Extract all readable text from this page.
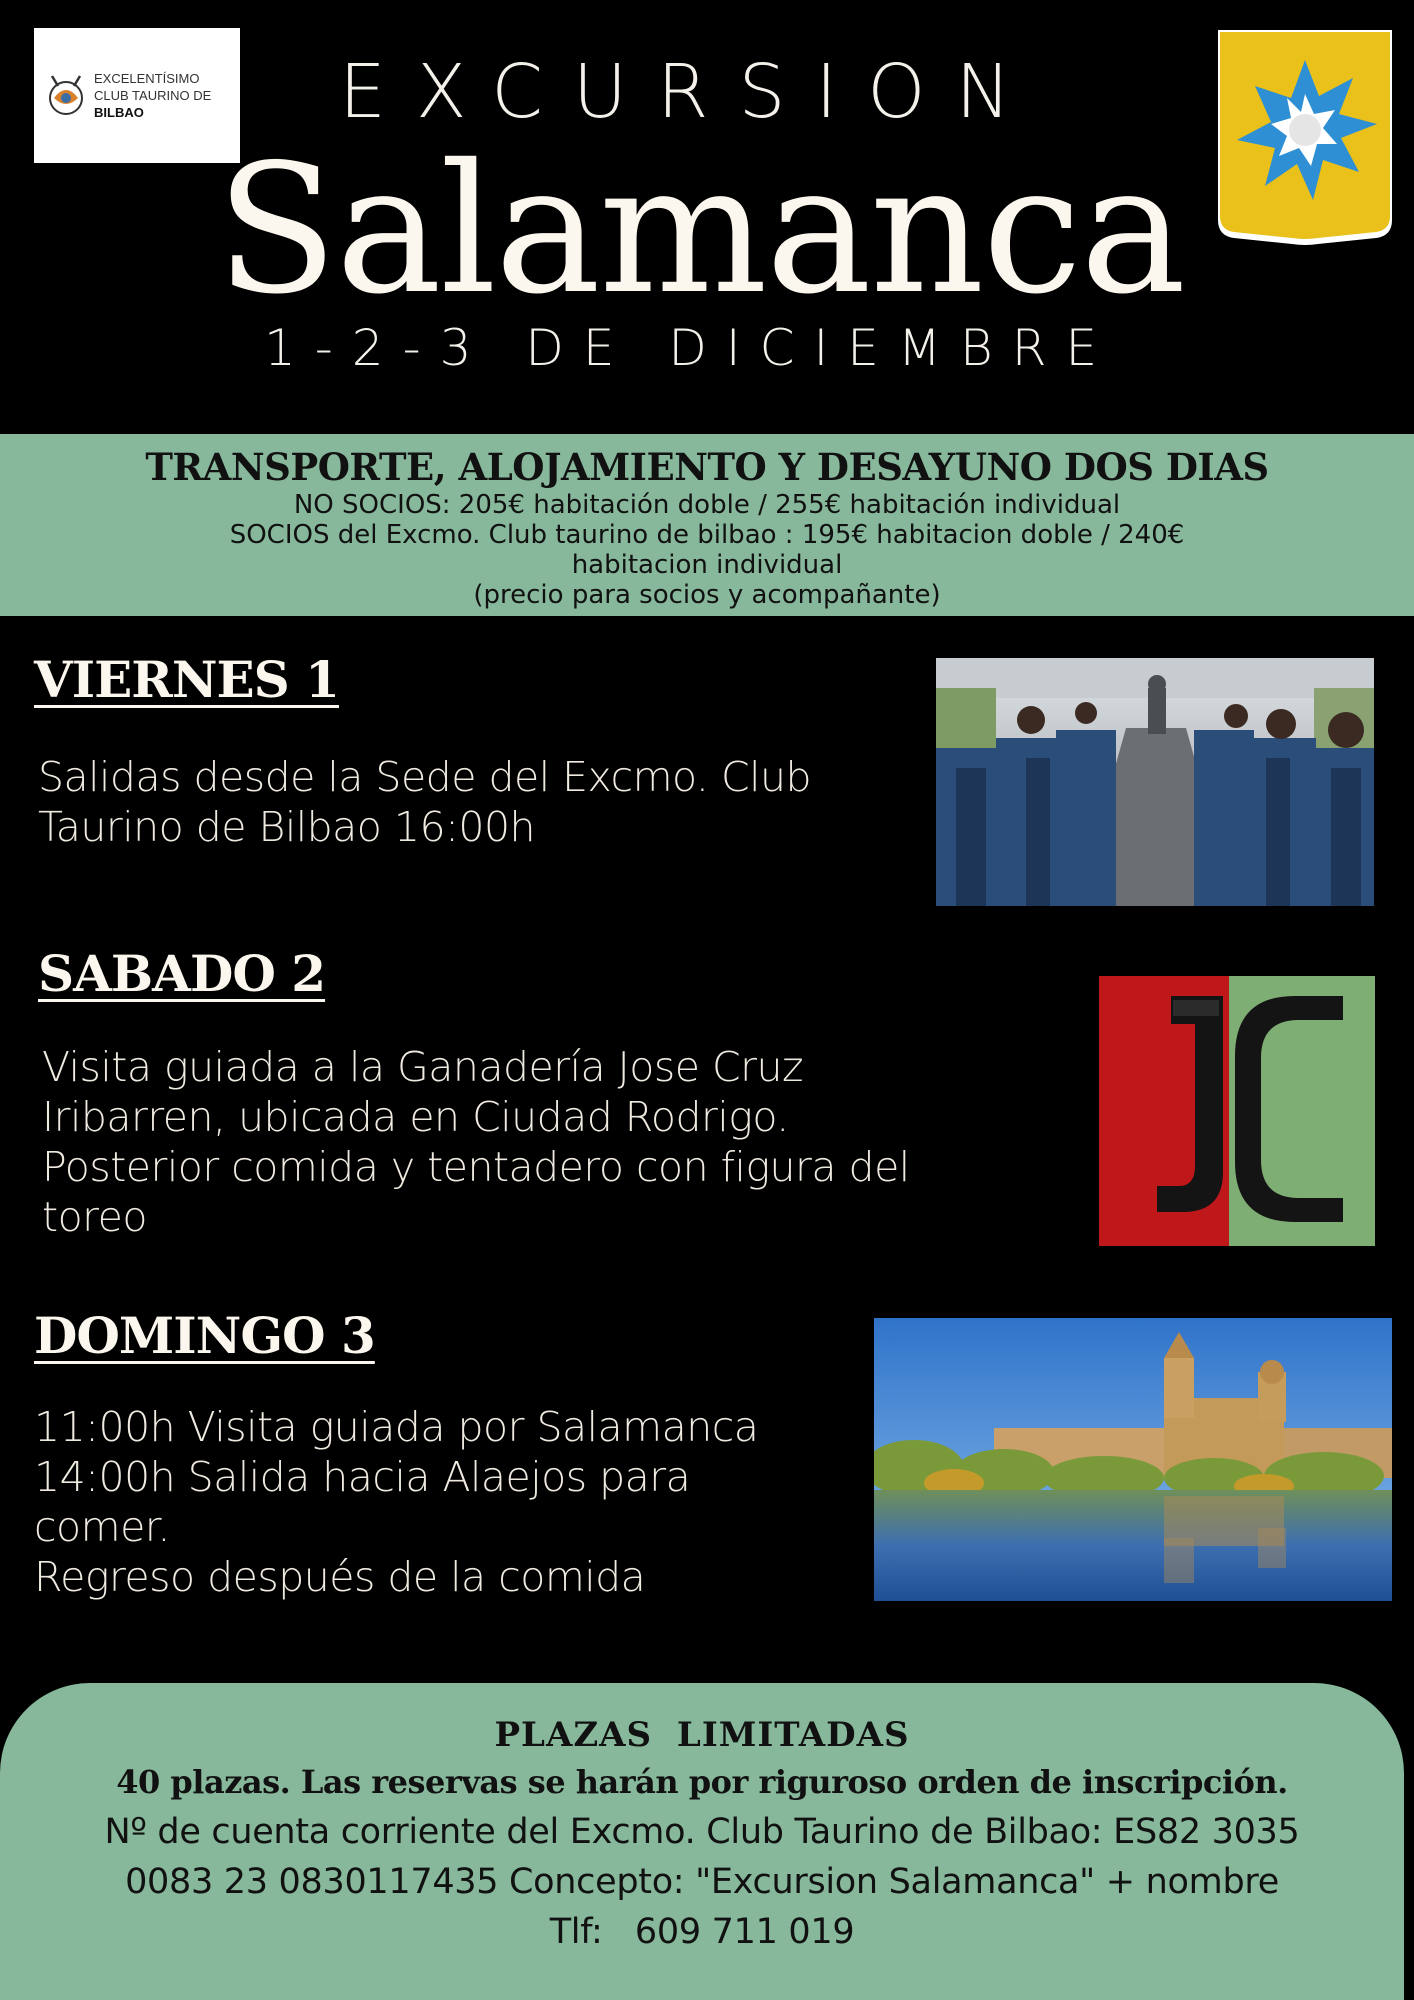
EXCELENTÍSIMO
CLUB TAURINO DE
BILBAO	EXCURSION
Salamanca
1-2-3 DE DICIEMBRE
TRANSPORTE, ALOJAMIENTO Y DESAYUNO DOS DIAS
NO SOCIOS: 205€ habitación doble / 255€ habitación individual
SOCIOS del Excmo. Club taurino de bilbao : 195€ habitacion doble / 240€
habitacion individual
(precio para socios y acompañante)
VIERNES 1
Salidas desde la Sede del Excmo. Club
Taurino de Bilbao 16:00h
SABADO 2
Visita guiada a la Ganadería Jose Cruz
Iribarren, ubicada en Ciudad Rodrigo.
Posterior comida y tentadero con figura del
toreo
DOMINGO 3
11:00h Visita guiada por Salamanca
14:00h Salida hacia Alaejos para
comer.
Regreso después de la comida
PLAZAS LIMITADAS
40 plazas. Las reservas se harán por riguroso orden de inscripción.
Nº de cuenta corriente del Excmo. Club Taurino de Bilbao: ES82 3035
0083 23 0830117435 Concepto: "Excursion Salamanca" + nombre
Tlf:   609 711 019
